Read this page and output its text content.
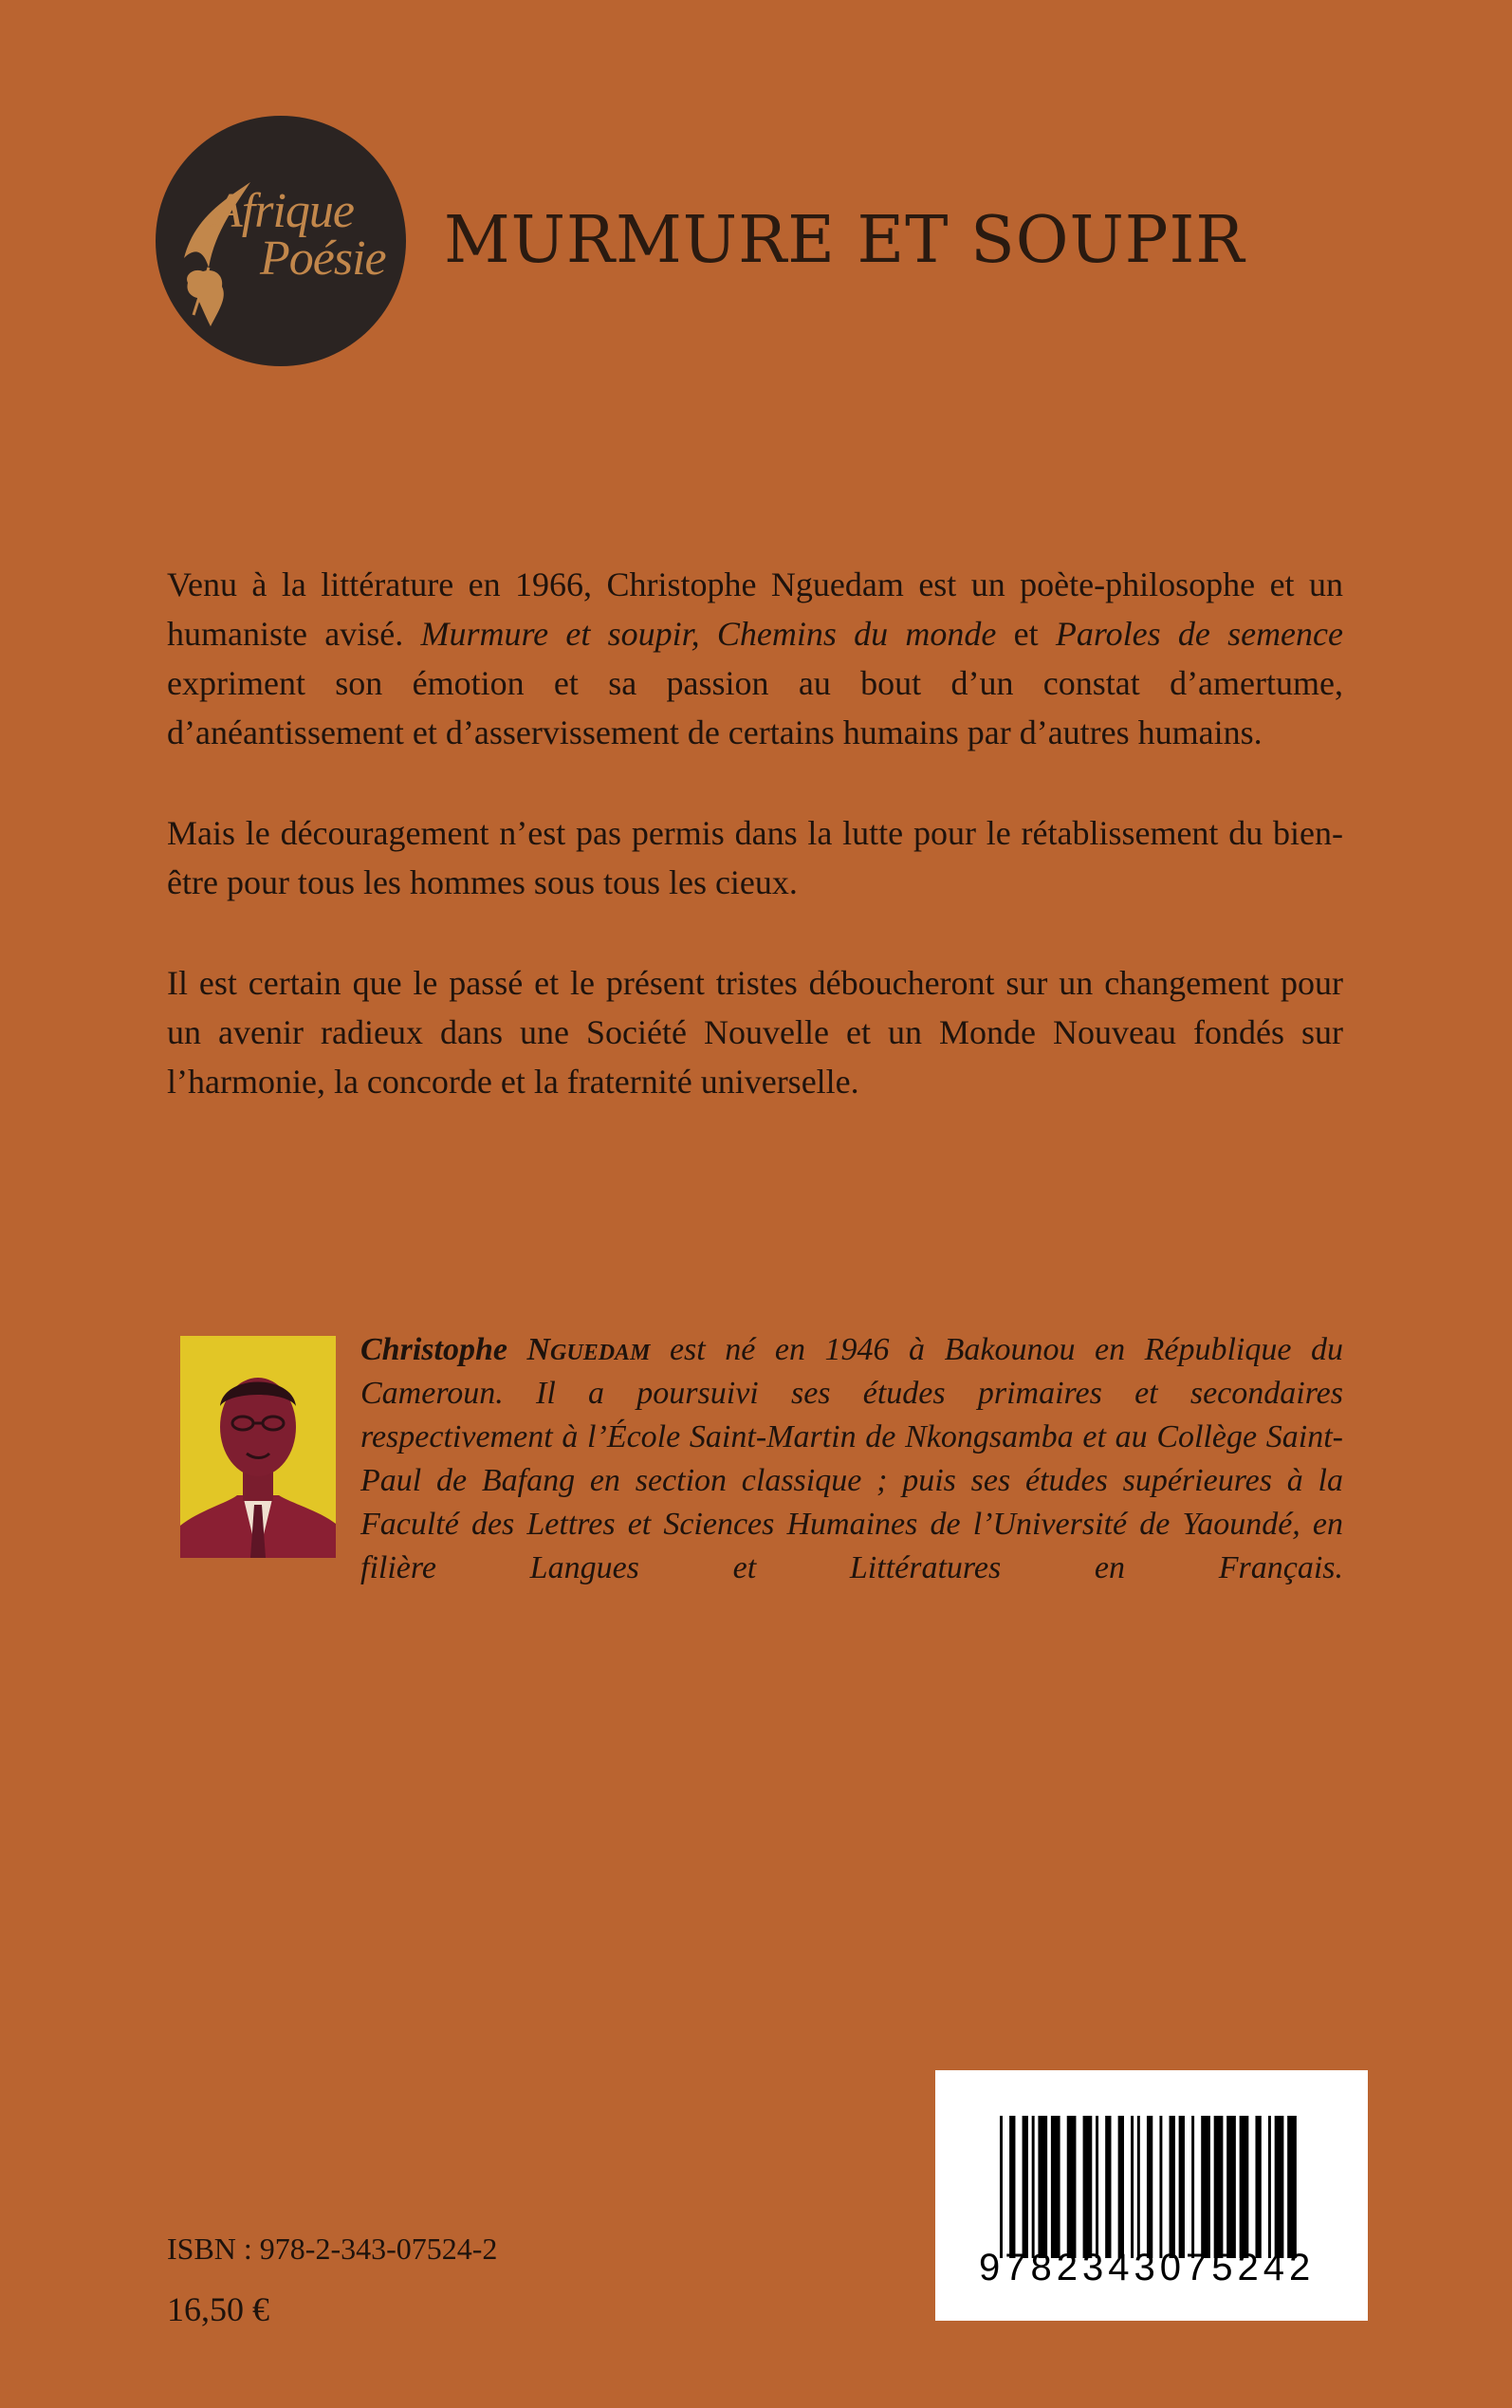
Afrique
Poésie MURMURE ET SOUPIR

Venu à la littérature en 1966, Christophe Nguedam est un poète-philosophe et un humaniste avisé. Murmure et soupir, Chemins du monde et Paroles de semence expriment son émotion et sa passion au bout d’un constat d’amertume, d’anéantissement et d’asservissement de certains humains par d’autres humains.

Mais le découragement n’est pas permis dans la lutte pour le rétablissement du bien-être pour tous les hommes sous tous les cieux.

Il est certain que le passé et le présent tristes déboucheront sur un changement pour un avenir radieux dans une Société Nouvelle et un Monde Nouveau fondés sur l’harmonie, la concorde et la fraternité universelle.

Christophe Nguedam est né en 1946 à Bakounou en République du Cameroun. Il a poursuivi ses études primaires et secondaires respectivement à l’École Saint-Martin de Nkongsamba et au Collège Saint-Paul de Bafang en section classique ; puis ses études supérieures à la Faculté des Lettres et Sciences Humaines de l’Université de Yaoundé, en filière Langues et Littératures en Français.

ISBN : 978-2-343-07524-2
16,50 €
9782343075242
